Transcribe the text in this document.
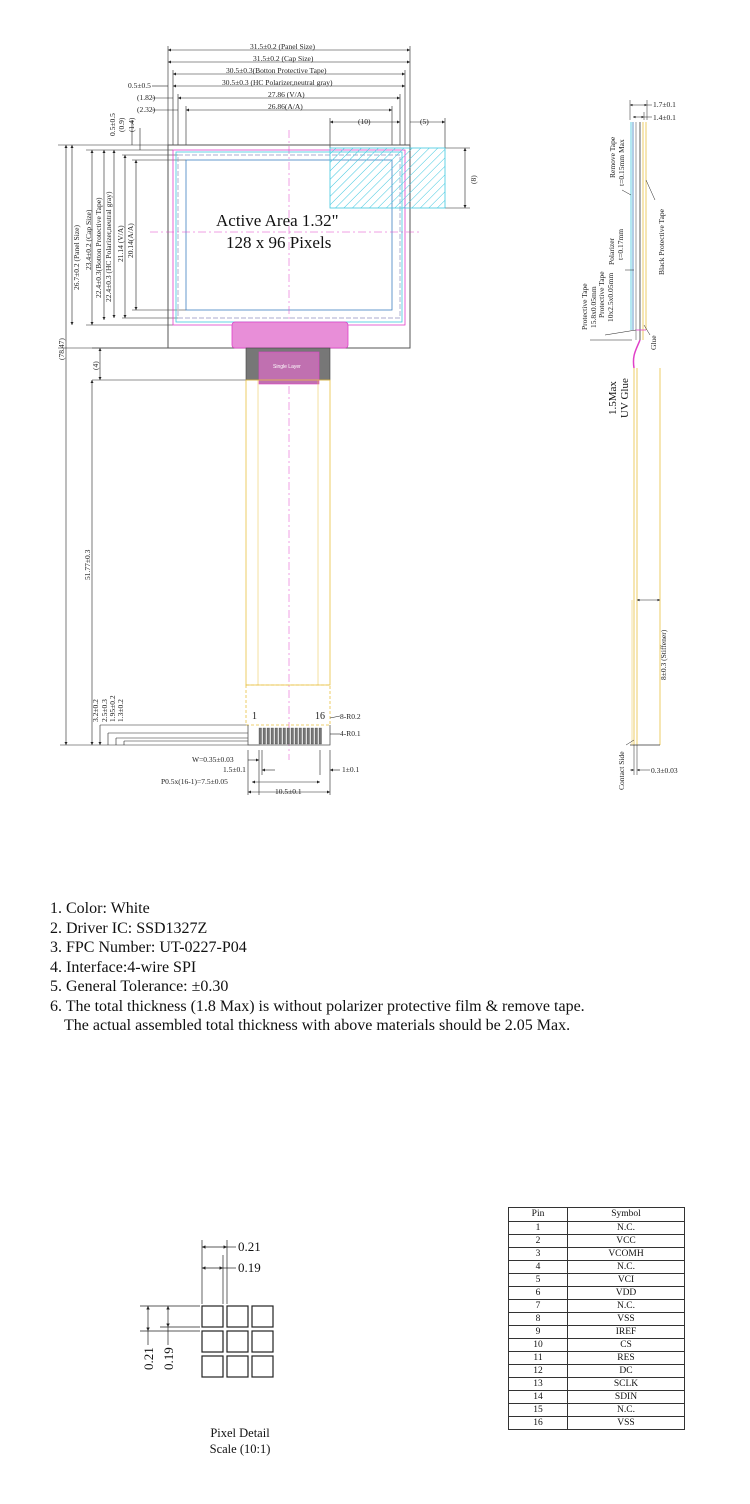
31.5±0.2 (Panel Size)
31.5±0.2 (Cap Size)
30.5±0.3(Botton Protective Tape)
30.5±0.3 (HC Polarizer,neutral gray)
27.86 (V/A)
26.86(A/A)
0.5±0.5
(1.82)
(2.32)
(10)	(5)
(8)
0.5±0.5 (0.9) (1.4)
26.7±0.2 (Panel Size) 23.4±0.2 (Cap Size) 22.4±0.3(Botton Protective Tape) 22.4±0.3 (HC Polarizer,neutral gray) 21.14 (V/A) 20.14(A/A)
(78.47)
(4)
51.77±0.3
3.2±0.2 2.5±0.3 1.95±0.2 1.3±0.2
Active Area 1.32"
128 x 96 Pixels
Single Layer
1	16 8-R0.2
4-R0.1
W=0.35±0.03
1.5±0.1
P0.5x(16-1)=7.5±0.05
1±0.1
10.5±0.1
1.7±0.1
1.4±0.1
Remove Tape t=0.15mm Max
Black Protective Tape
Polarizer t=0.17mm
Protective Tape 15.8x0.05mm Protective Tape 10x2.5x0.05mm
Glue
1.5Max UV Glue
8±0.3 (Stiffener)
Contact Side	0.3±0.03
0.21
0.19
0.21 0.19
1. Color: White
2. Driver IC: SSD1327Z
3. FPC Number: UT-0227-P04
4. Interface:4-wire SPI
5. General Tolerance: ±0.30
6. The total thickness (1.8 Max) is without polarizer protective film & remove tape.
The actual assembled total thickness with above materials should be 2.05 Max.
Pixel Detail
Scale (10:1)
Pin	Symbol
1	N.C.
2	VCC
3	VCOMH
4	N.C.
5	VCI
6	VDD
7	N.C.
8	VSS
9	IREF
10	CS
11	RES
12	DC
13	SCLK
14	SDIN
15	N.C.
16	VSS
